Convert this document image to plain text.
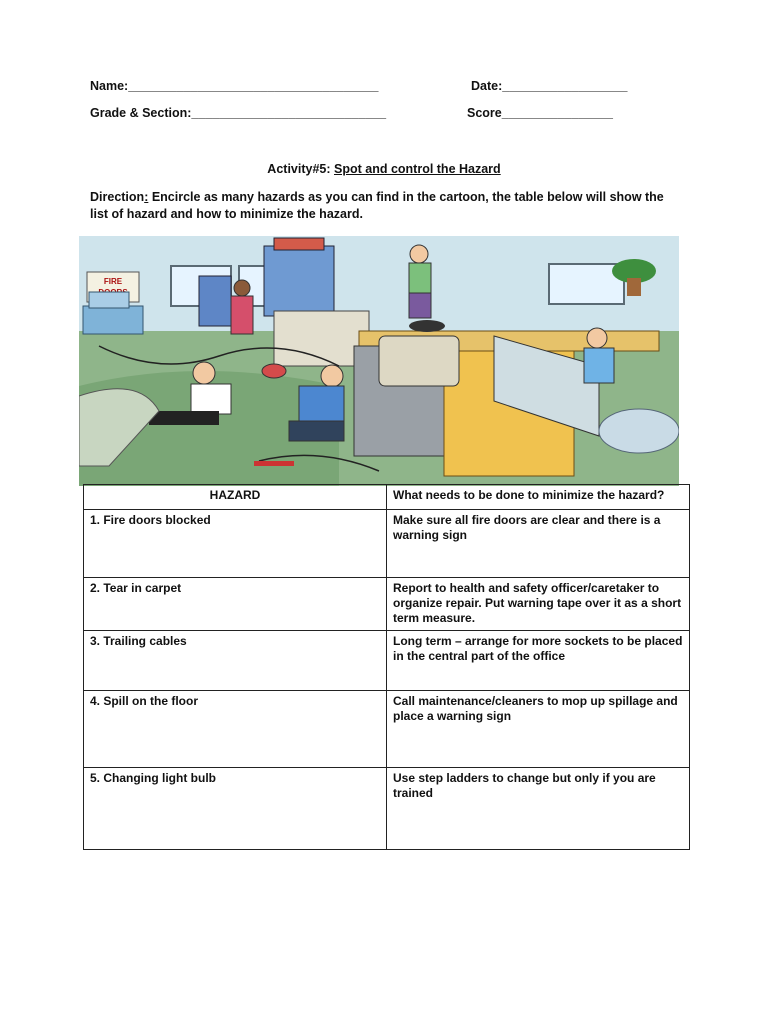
Name:____________________________________	Date:__________________
Grade & Section:____________________________	Score________________
Activity#5: Spot and control the Hazard
Direction: Encircle as many hazards as you can find in the cartoon, the table below will show the list of hazard and how to minimize the hazard.
FIRE
HAZARD	What needs to be done to minimize the hazard?
1. Fire doors blocked	Make sure all fire doors are clear and there is a warning sign
2. Tear in carpet	Report to health and safety officer/caretaker to organize repair. Put warning tape over it as a short term measure.
3. Trailing cables	Long term – arrange for more sockets to be placed in the central part of the office
4. Spill on the floor	Call maintenance/cleaners to mop up spillage and place a warning sign
5. Changing light bulb	Use step ladders to change but only if you are trained
